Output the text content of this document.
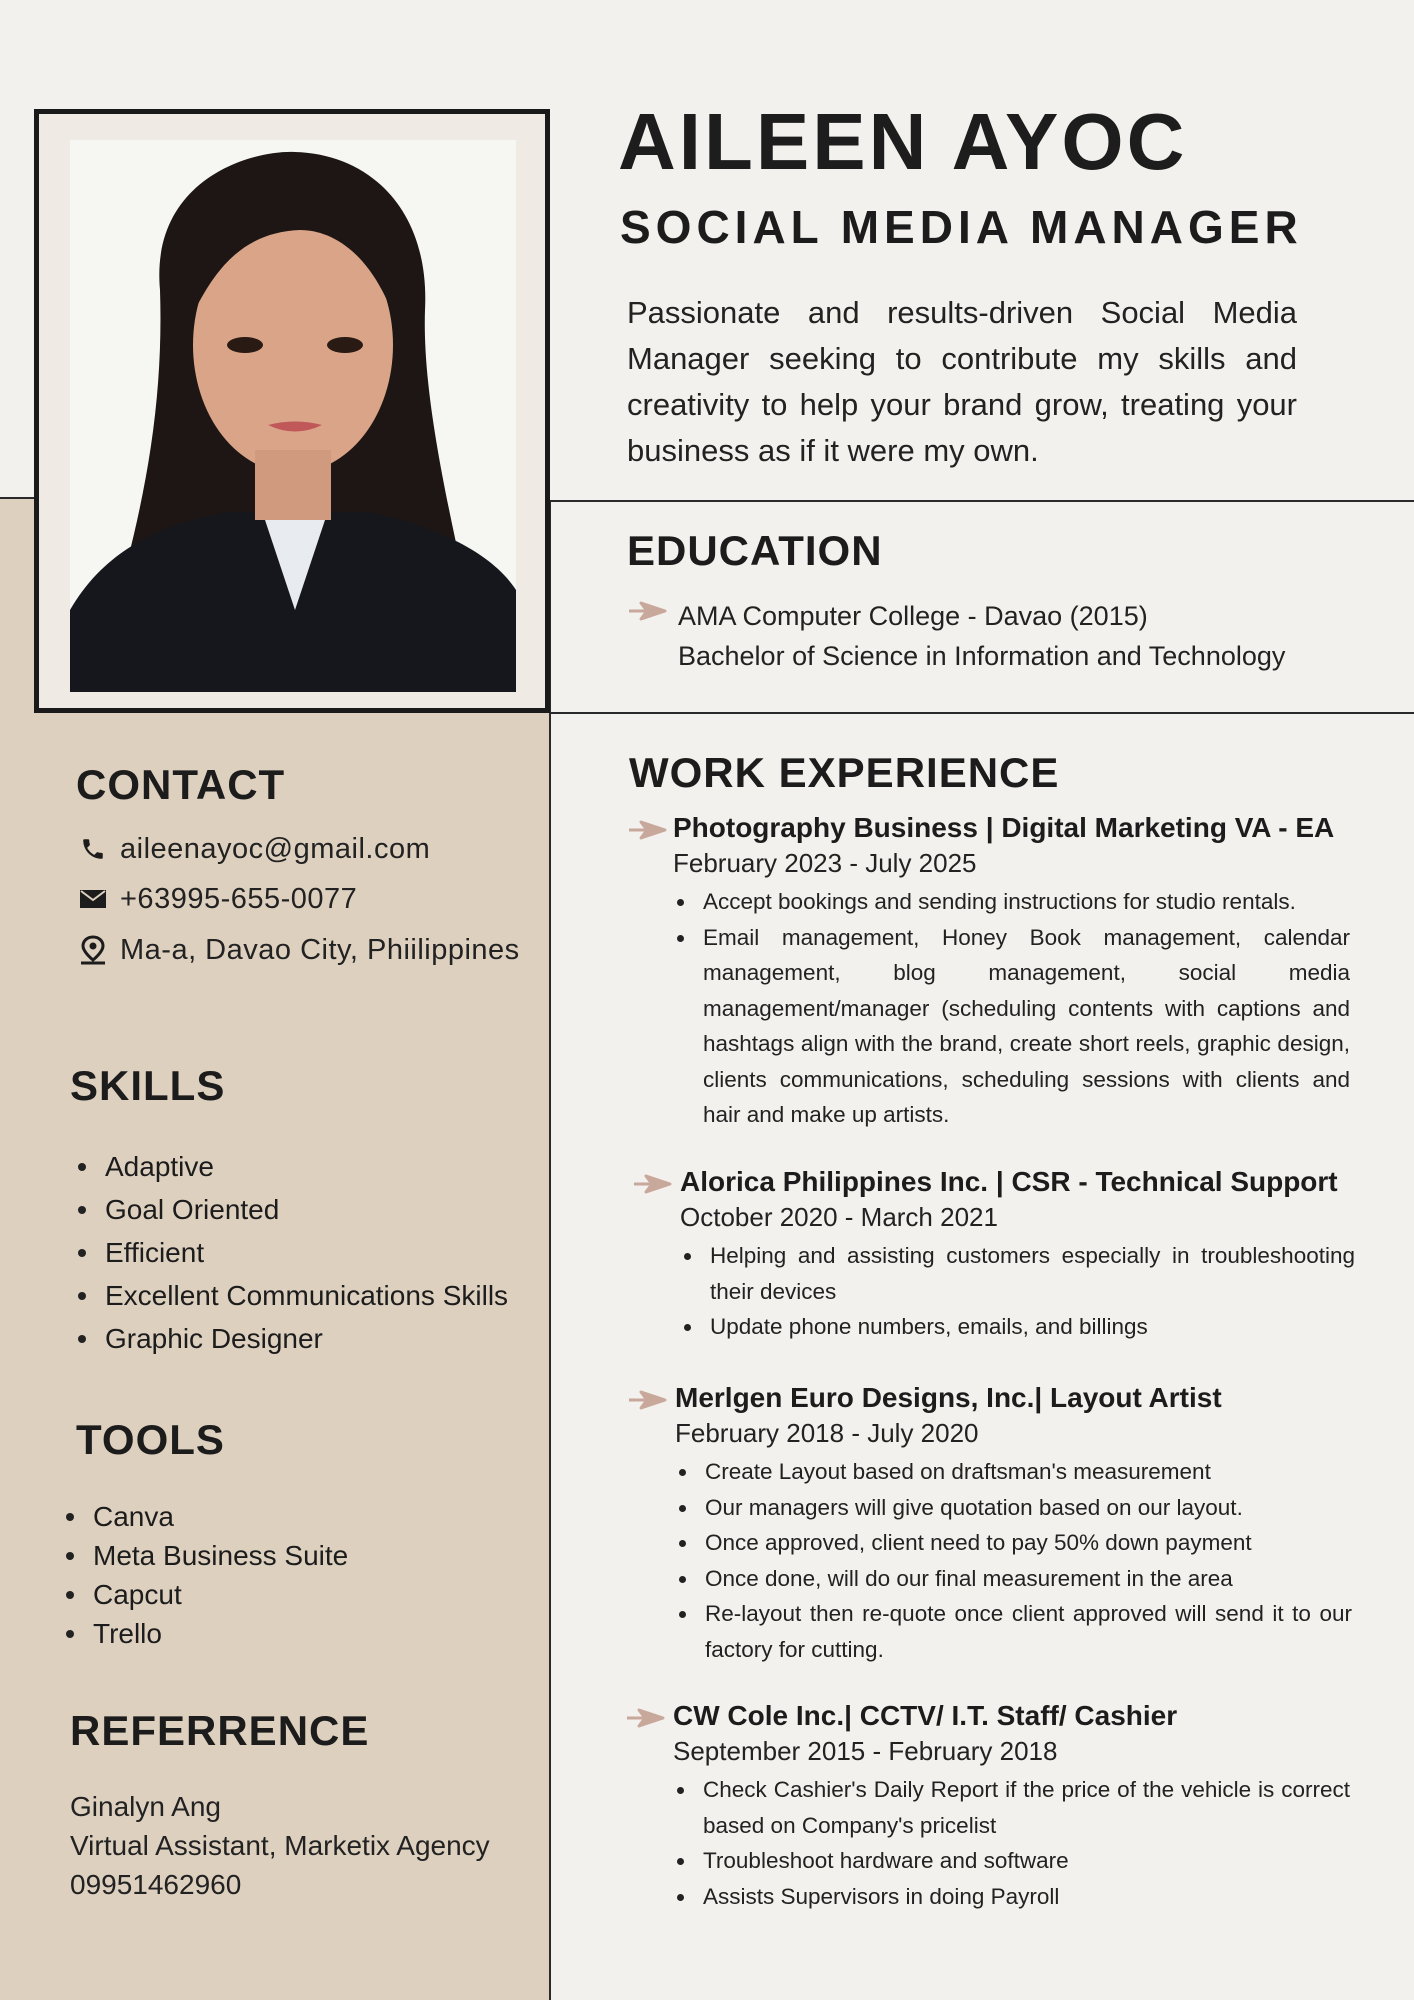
AILEEN AYOC
SOCIAL MEDIA MANAGER
Passionate and results-driven Social Media Manager seeking to contribute my skills and creativity to help your brand grow, treating your business as if it were my own.
EDUCATION
AMA Computer College - Davao (2015)
Bachelor of Science in Information and Technology
CONTACT
aileenayoc@gmail.com
+63995-655-0077
Ma-a, Davao City, Phiilippines
SKILLS
Adaptive
Goal Oriented
Efficient
Excellent Communications Skills
Graphic Designer
TOOLS
Canva
Meta Business Suite
Capcut
Trello
REFERRENCE
Ginalyn Ang
Virtual Assistant, Marketix Agency
09951462960
WORK EXPERIENCE
Photography Business | Digital Marketing VA - EA
February 2023 - July 2025
Accept bookings and sending instructions for studio rentals.
Email management, Honey Book management, calendar management, blog management, social media management/manager (scheduling contents with captions and hashtags align with the brand, create short reels, graphic design, clients communications, scheduling sessions with clients and hair and make up artists.
Alorica Philippines Inc. | CSR - Technical Support
October 2020 - March 2021
Helping and assisting customers especially in troubleshooting their devices
Update phone numbers, emails, and billings
Merlgen Euro Designs, Inc.| Layout Artist
February 2018 - July 2020
Create Layout based on draftsman's measurement
Our managers will give quotation based on our layout.
Once approved, client need to pay 50% down payment
Once done, will do our final measurement in the area
Re-layout then re-quote once client approved will send it to our factory for cutting.
CW Cole Inc.| CCTV/ I.T. Staff/ Cashier
September 2015 - February 2018
Check Cashier's Daily Report if the price of the vehicle is correct based on Company's pricelist
Troubleshoot hardware and software
Assists Supervisors in doing Payroll
